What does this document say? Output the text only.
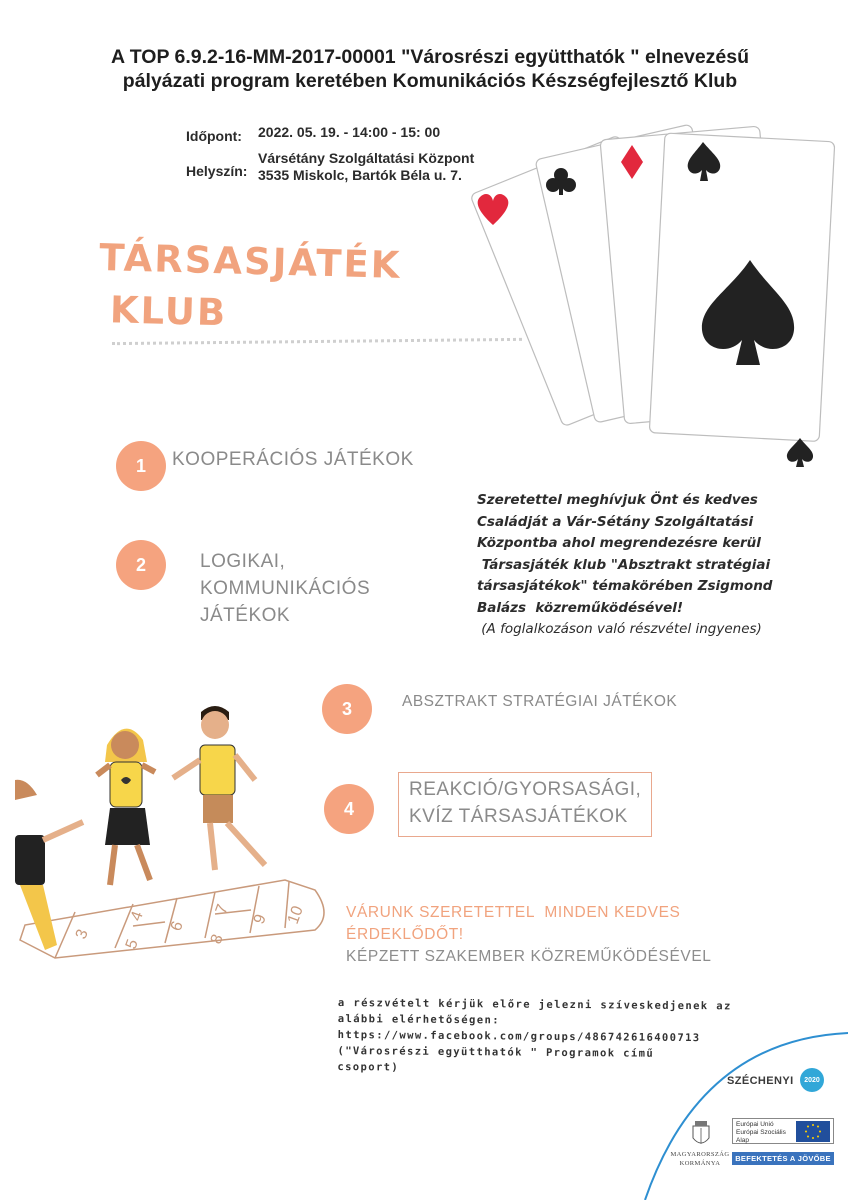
A TOP 6.9.2-16-MM-2017-00001 "Városrészi együtthatók " elnevezésű
pályázati program keretében Komunikációs Készségfejlesztő Klub
Időpont: 2022. 05. 19. - 14:00 - 15: 00
Helyszín:
Vársétány Szolgáltatási Központ
3535 Miskolc, Bartók Béla u. 7.
TÁRSASJÁTÉK
KLUB
1	KOOPERÁCIÓS JÁTÉKOK
2	LOGIKAI,
KOMMUNIKÁCIÓS
JÁTÉKOK
3	ABSZTRAKT STRATÉGIAI JÁTÉKOK
4
REAKCIÓ/GYORSASÁGI,
KVÍZ TÁRSASJÁTÉKOK
Szeretettel meghívjuk Önt és kedves
Családját a Vár-Sétány Szolgáltatási
Központba ahol megrendezésre kerül
Társasjáték klub "Absztrakt stratégiai
társasjátékok" témakörében Zsigmond
Balázs  közreműködésével!
(A foglalkozáson való részvétel ingyenes)
3
5
4
6
8
7
9 10	VÁRUNK SZERETETTEL  MINDEN KEDVES
ÉRDEKLŐDŐT!
KÉPZETT SZAKEMBER KÖZREMŰKÖDÉSÉVEL
a részvételt kérjük előre jelezni szíveskedjenek az
alábbi elérhetőségen:
https://www.facebook.com/groups/486742616400713
("Városrészi együtthatók " Programok című
csoport)
SZÉCHENYI	2020
MAGYARORSZÁG
KORMÁNYA
Európai Unió
Európai Szociális
Alap
BEFEKTETÉS A JÖVŐBE
